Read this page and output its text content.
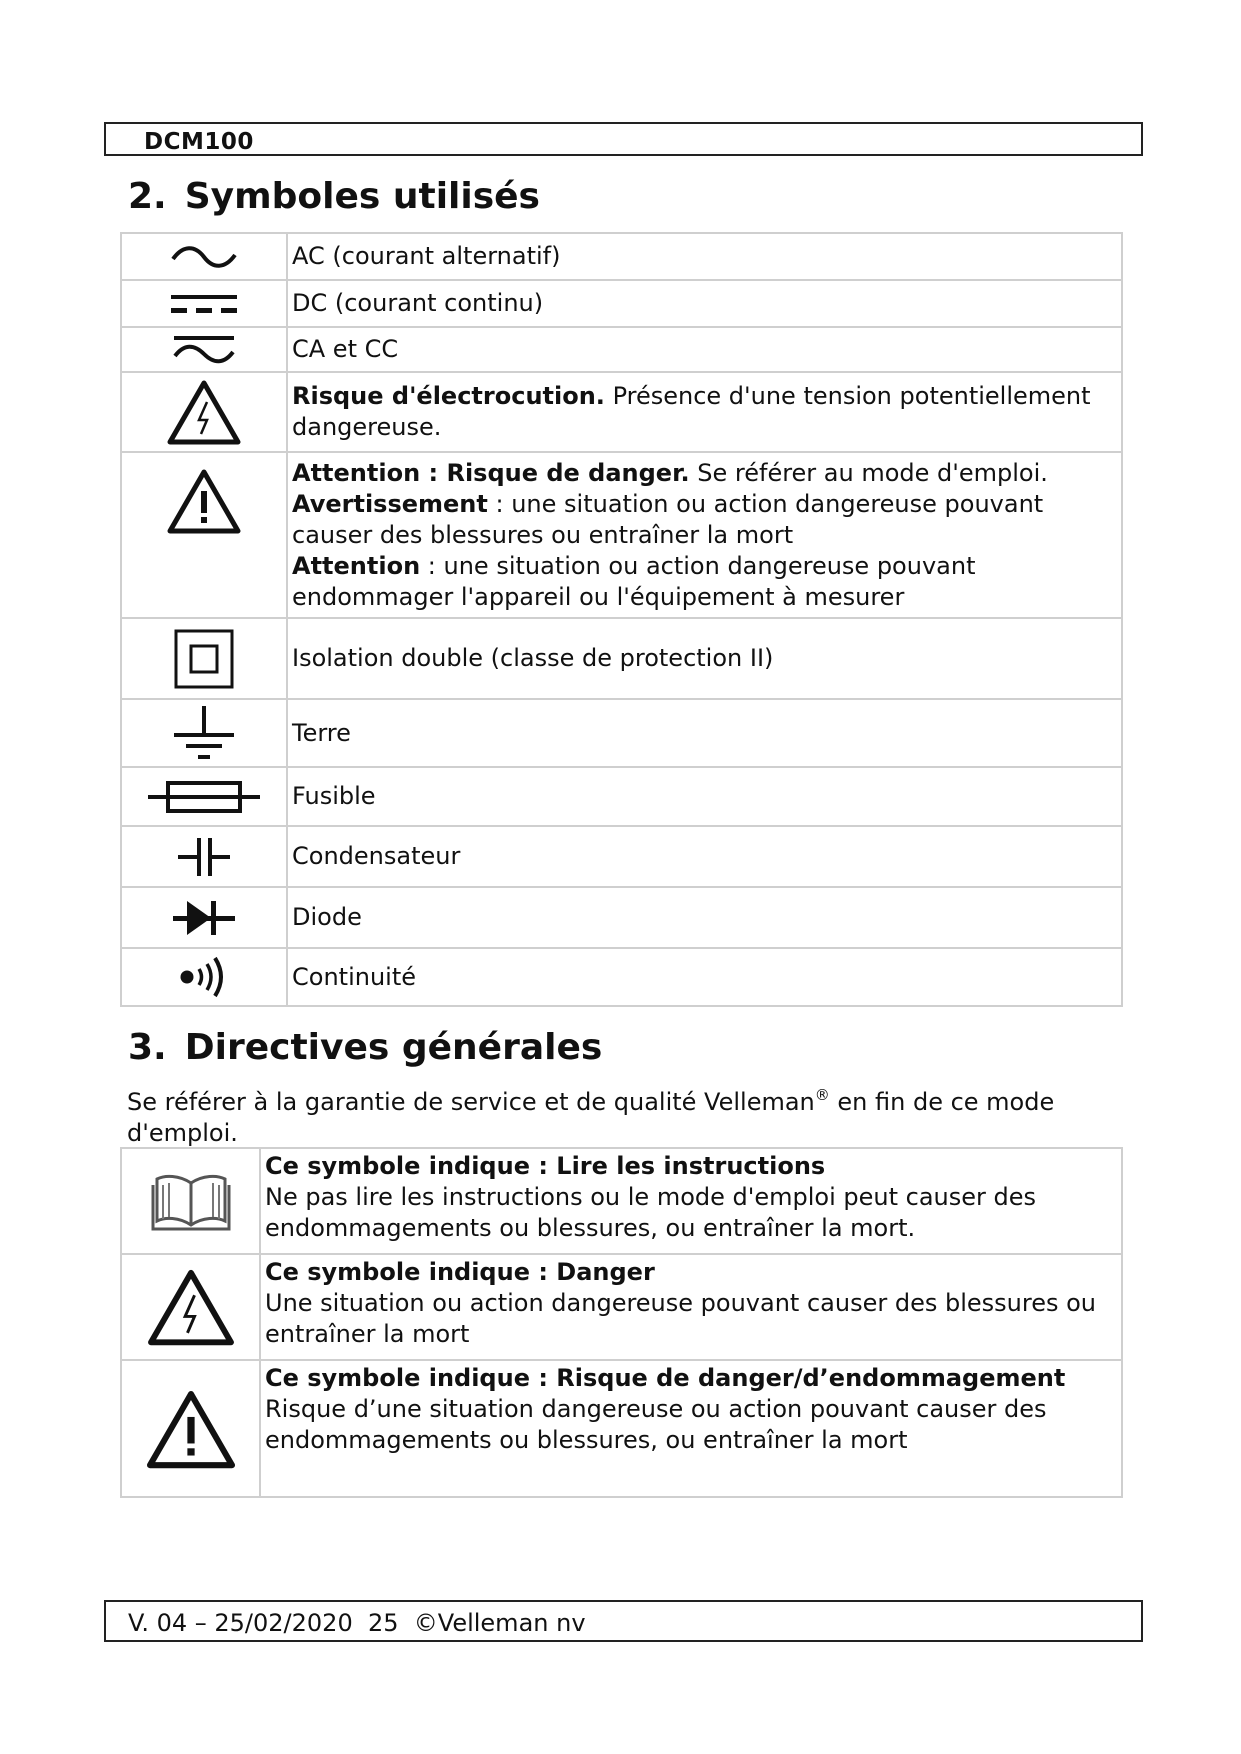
DCM100
2. Symboles utilisés
	AC (courant alternatif)

	DC (courant continu)

	CA et CC

	Risque d'électrocution. Présence d'une tension potentiellement dangereuse.

Attention : Risque de danger. Se référer au mode d'emploi.
Avertissement : une situation ou action dangereuse pouvant causer des blessures ou entraîner la mort
Attention : une situation ou action dangereuse pouvant endommager l'appareil ou l'équipement à mesurer

	Isolation double (classe de protection II)

	Terre

	Fusible

	Condensateur

	Diode

	Continuité
3. Directives générales

Se référer à la garantie de service et de qualité Velleman® en fin de ce mode d'emploi.

Ce symbole indique : Lire les instructions
Ne pas lire les instructions ou le mode d'emploi peut causer des endommagements ou blessures, ou entraîner la mort.

Ce symbole indique : Danger
Une situation ou action dangereuse pouvant causer des blessures ou entraîner la mort

Ce symbole indique : Risque de danger/d’endommagement
Risque d’une situation dangereuse ou action pouvant causer des endommagements ou blessures, ou entraîner la mort
V. 04 – 25/02/2020  25  ©Velleman nv
